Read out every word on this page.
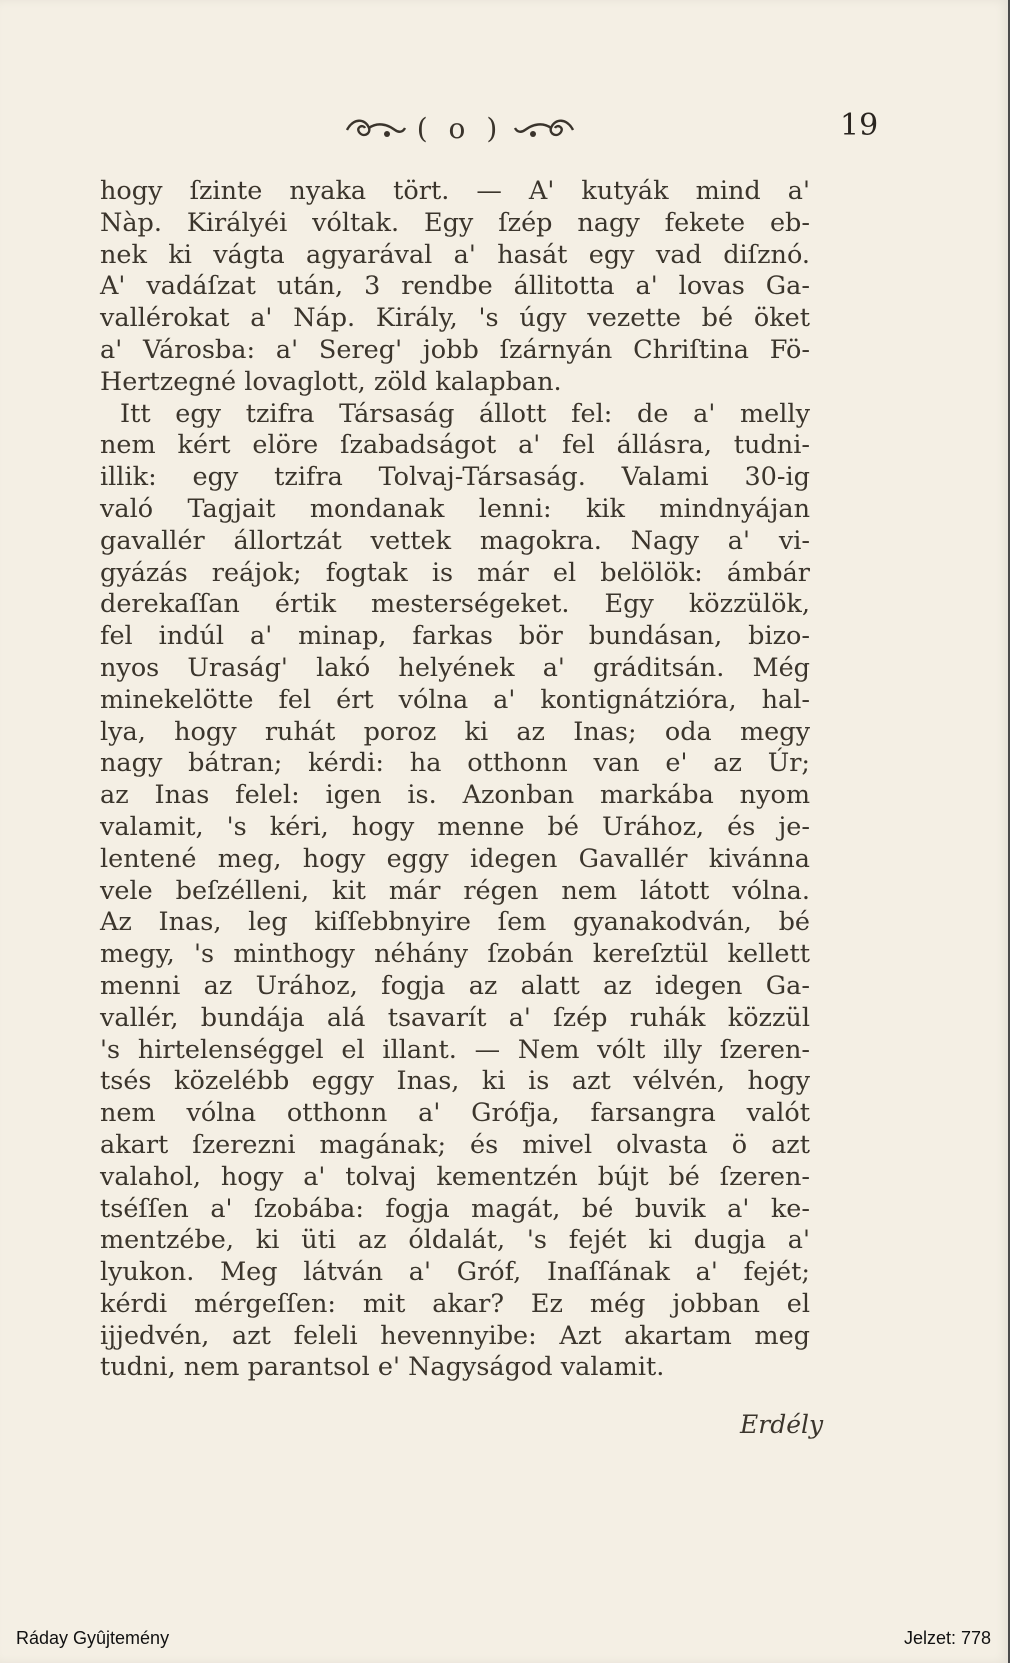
( o )	19
hogy ſzinte nyaka tört. — A' kutyák mind a'
Nàp. Királyéi vóltak. Egy ſzép nagy fekete eb-
nek ki vágta agyarával a' hasát egy vad diſznó.
A' vadáſzat után, 3 rendbe állitotta a' lovas Ga-
vallérokat a' Náp. Király, 's úgy vezette bé öket
a' Városba: a' Sereg' jobb ſzárnyán Chriſtina Fö-
Hertzegné lovaglott, zöld kalapban.
Itt egy tzifra Társaság állott fel: de a' melly
nem kért elöre ſzabadságot a' fel állásra, tudni-
illik: egy tzifra Tolvaj-Társaság. Valami 30-ig
való Tagjait mondanak lenni: kik mindnyájan
gavallér állortzát vettek magokra. Nagy a' vi-
gyázás reájok; fogtak is már el belölök: ámbár
derekaſſan értik mesterségeket. Egy közzülök,
fel indúl a' minap, farkas bör bundásan, bizo-
nyos Uraság' lakó helyének a' gráditsán. Még
minekelötte fel ért vólna a' kontignátzióra, hal-
lya, hogy ruhát poroz ki az Inas; oda megy
nagy bátran; kérdi: ha otthonn van e' az Úr;
az Inas felel: igen is. Azonban markába nyom
valamit, 's kéri, hogy menne bé Urához, és je-
lentené meg, hogy eggy idegen Gavallér kivánna
vele beſzélleni, kit már régen nem látott vólna.
Az Inas, leg kiſſebbnyire ſem gyanakodván, bé
megy, 's minthogy néhány ſzobán kereſztül kellett
menni az Urához, fogja az alatt az idegen Ga-
vallér, bundája alá tsavarít a' ſzép ruhák közzül
's hirtelenséggel el illant. — Nem vólt illy ſzeren-
tsés közelébb eggy Inas, ki is azt vélvén, hogy
nem vólna otthonn a' Grófja, farsangra valót
akart ſzerezni magának; és mivel olvasta ö azt
valahol, hogy a' tolvaj kementzén bújt bé ſzeren-
tséſſen a' ſzobába: fogja magát, bé buvik a' ke-
mentzébe, ki üti az óldalát, 's fejét ki dugja a'
lyukon. Meg látván a' Gróf, Inaſſának a' fejét;
kérdi mérgeſſen: mit akar? Ez még jobban el
ijjedvén, azt feleli hevennyibe: Azt akartam meg
tudni, nem parantsol e' Nagyságod valamit.
Erdély
Ráday Gyûjtemény	Jelzet: 778
